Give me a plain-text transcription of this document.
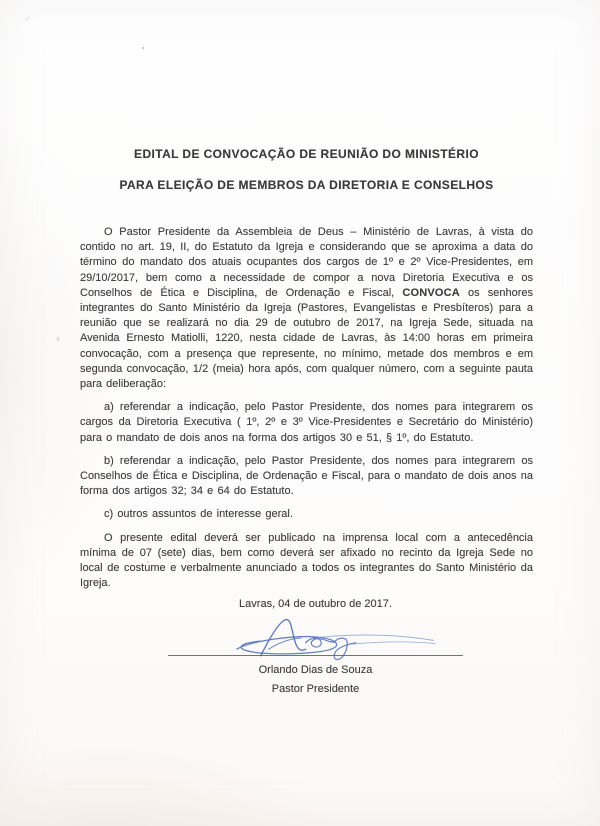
EDITAL DE CONVOCAÇÃO DE REUNIÃO DO MINISTÉRIO
PARA ELEIÇÃO DE MEMBROS DA DIRETORIA E CONSELHOS

O Pastor Presidente da Assembleia de Deus – Ministério de Lavras, à vista do contido no art. 19, II, do Estatuto da Igreja e considerando que se aproxima a data do término do mandato dos atuais ocupantes dos cargos de 1º e 2º Vice-Presidentes, em 29/10/2017, bem como a necessidade de compor a nova Diretoria Executiva e os Conselhos de Ética e Disciplina, de Ordenação e Fiscal, CONVOCA os senhores integrantes do Santo Ministério da Igreja (Pastores, Evangelistas e Presbíteros) para a reunião que se realizará no dia 29 de outubro de 2017, na Igreja Sede, situada na Avenida Ernesto Matiolli, 1220, nesta cidade de Lavras, às 14:00 horas em primeira convocação, com a presença que represente, no mínimo, metade dos membros e em segunda convocação, 1/2 (meia) hora após, com qualquer número, com a seguinte pauta para deliberação:

a) referendar a indicação, pelo Pastor Presidente, dos nomes para integrarem os cargos da Diretoria Executiva ( 1º, 2º e 3º Vice-Presidentes e Secretário do Ministério) para o mandato de dois anos na forma dos artigos 30 e 51, § 1º, do Estatuto.

b) referendar a indicação, pelo Pastor Presidente, dos nomes para integrarem os Conselhos de Ética e Disciplina, de Ordenação e Fiscal, para o mandato de dois anos na forma dos artigos 32; 34 e 64 do Estatuto.

c) outros assuntos de interesse geral.

O presente edital deverá ser publicado na imprensa local com a antecedência mínima de 07 (sete) dias, bem como deverá ser afixado no recinto da Igreja Sede no local de costume e verbalmente anunciado a todos os integrantes do Santo Ministério da Igreja.

Lavras, 04 de outubro de 2017.

Orlando Dias de Souza
Pastor Presidente
